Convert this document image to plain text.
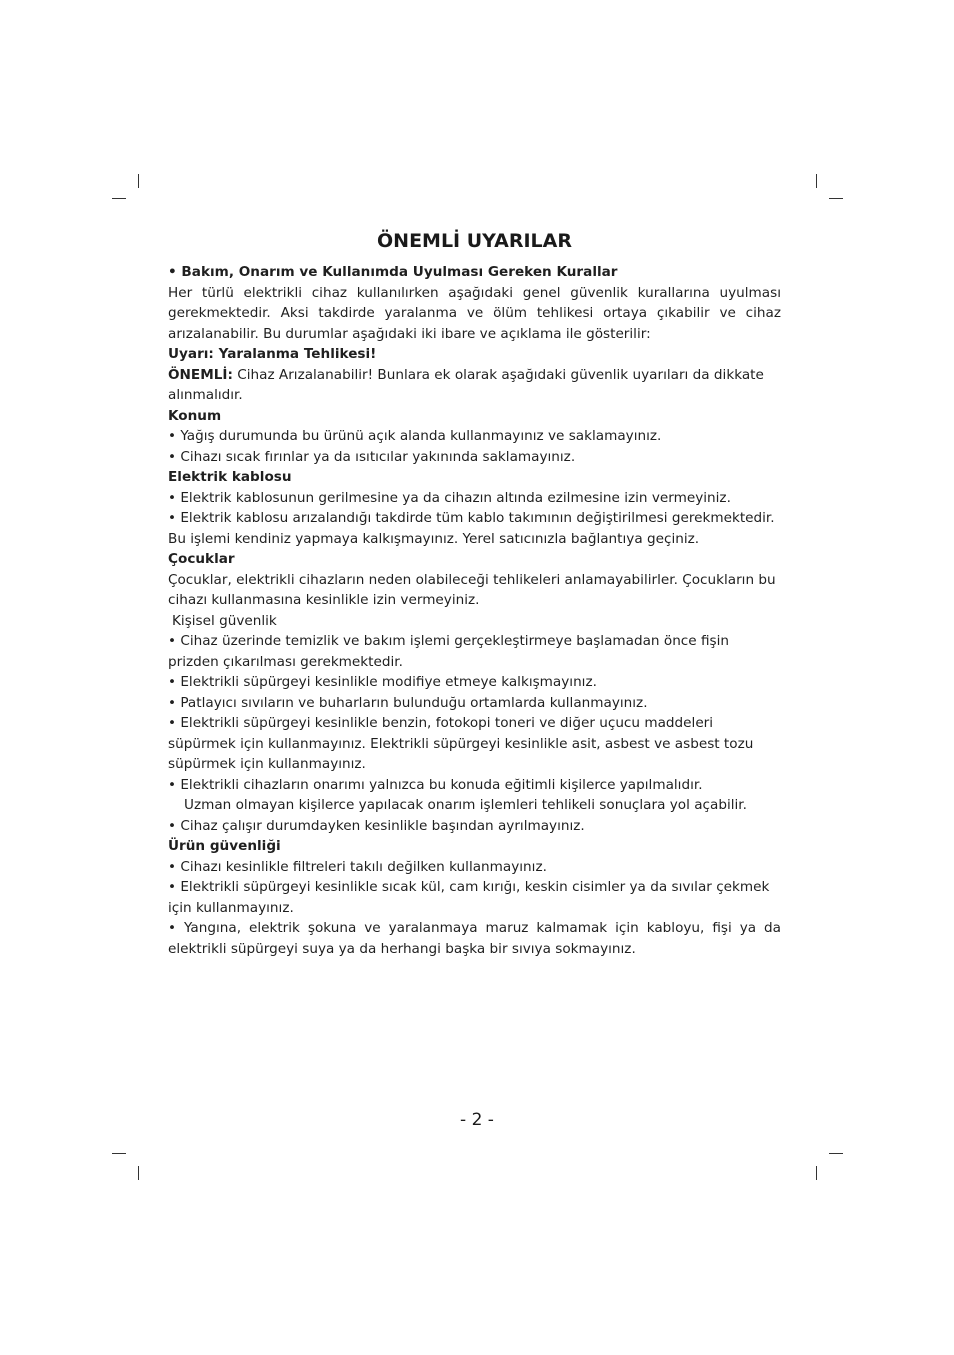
ÖNEMLİ UYARILAR

• Bakım, Onarım ve Kullanımda Uyulması Gereken Kurallar

Her türlü elektrikli cihaz kullanılırken aşağıdaki genel güvenlik kurallarına uyulması gerekmektedir. Aksi takdirde yaralanma ve ölüm tehlikesi ortaya çıkabilir ve cihaz arızalanabilir. Bu durumlar aşağıdaki iki ibare ve açıklama ile gösterilir:

Uyarı: Yaralanma Tehlikesi!

ÖNEMLİ: Cihaz Arızalanabilir! Bunlara ek olarak aşağıdaki güvenlik uyarıları da dikkate alınmalıdır.

Konum

• Yağış durumunda bu ürünü açık alanda kullanmayınız ve saklamayınız.

• Cihazı sıcak fırınlar ya da ısıtıcılar yakınında saklamayınız.

Elektrik kablosu

• Elektrik kablosunun gerilmesine ya da cihazın altında ezilmesine izin vermeyiniz.

• Elektrik kablosu arızalandığı takdirde tüm kablo takımının değiştirilmesi gerekmektedir. Bu işlemi kendiniz yapmaya kalkışmayınız. Yerel satıcınızla bağlantıya geçiniz.

Çocuklar

Çocuklar, elektrikli cihazların neden olabileceği tehlikeleri anlamayabilirler. Çocukların bu cihazı kullanmasına kesinlikle izin vermeyiniz.

Kişisel güvenlik

• Cihaz üzerinde temizlik ve bakım işlemi gerçekleştirmeye başlamadan önce fişin prizden çıkarılması gerekmektedir.

• Elektrikli süpürgeyi kesinlikle modifiye etmeye kalkışmayınız.

• Patlayıcı sıvıların ve buharların bulunduğu ortamlarda kullanmayınız.

• Elektrikli süpürgeyi kesinlikle benzin, fotokopi toneri ve diğer uçucu maddeleri süpürmek için kullanmayınız. Elektrikli süpürgeyi kesinlikle asit, asbest ve asbest tozu süpürmek için kullanmayınız.

• Elektrikli cihazların onarımı yalnızca bu konuda eğitimli kişilerce yapılmalıdır.

Uzman olmayan kişilerce yapılacak onarım işlemleri tehlikeli sonuçlara yol açabilir.

• Cihaz çalışır durumdayken kesinlikle başından ayrılmayınız.

Ürün güvenliği

• Cihazı kesinlikle filtreleri takılı değilken kullanmayınız.

• Elektrikli süpürgeyi kesinlikle sıcak kül, cam kırığı, keskin cisimler ya da sıvılar çekmek için kullanmayınız.

• Yangına, elektrik şokuna ve yaralanmaya maruz kalmamak için kabloyu, fişi ya da elektrikli süpürgeyi suya ya da herhangi başka bir sıvıya sokmayınız.

- 2 -
